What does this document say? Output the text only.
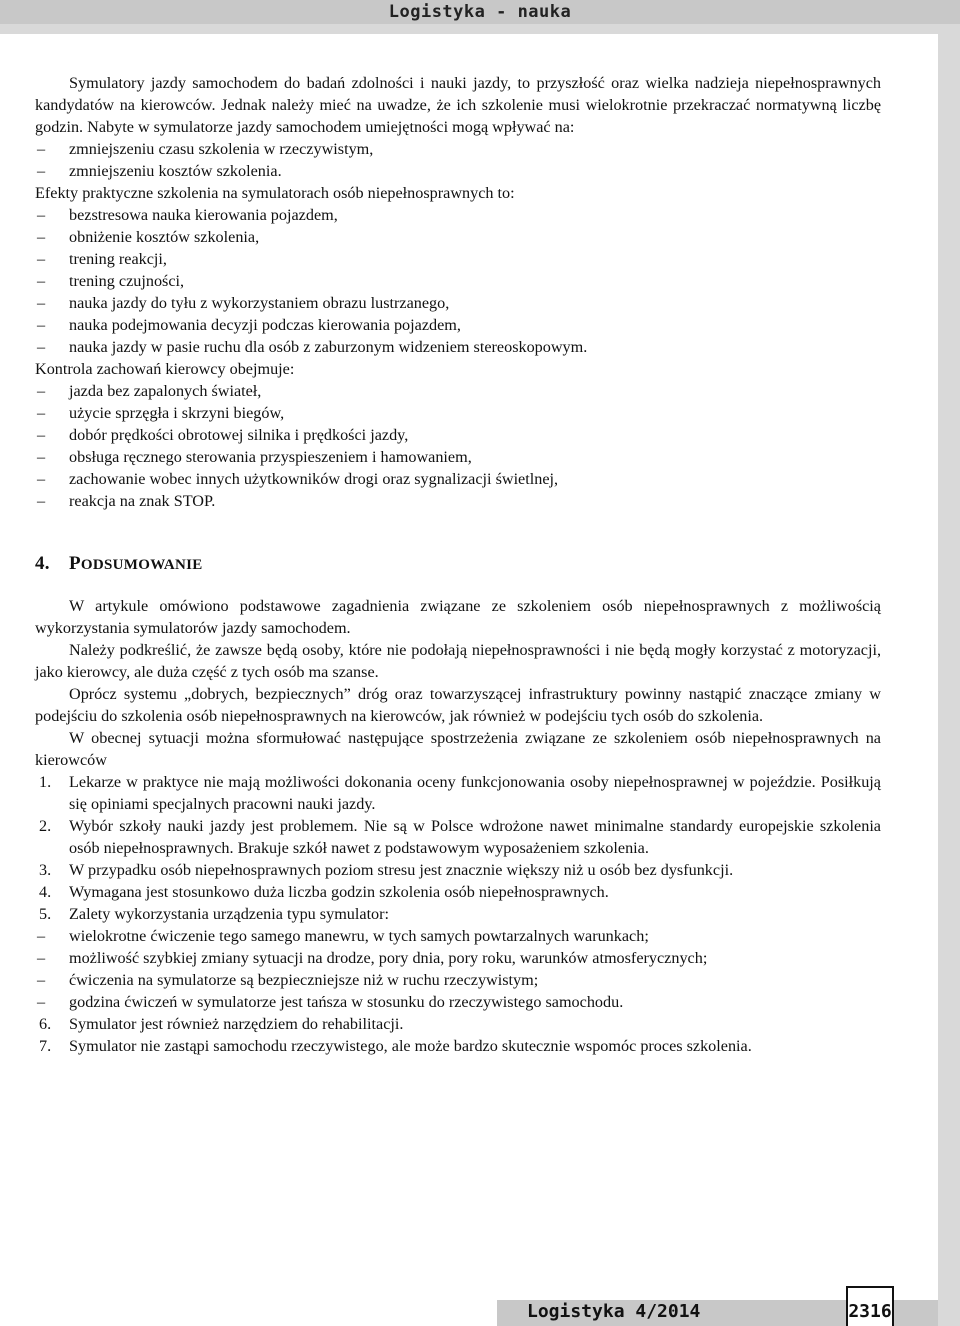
Logistyka - nauka

Symulatory jazdy samochodem do badań zdolności i nauki jazdy, to przyszłość oraz wielka nadzieja niepełnosprawnych kandydatów na kierowców. Jednak należy mieć na uwadze, że ich szkolenie musi wielokrotnie przekraczać normatywną liczbę godzin. Nabyte w symulatorze jazdy samochodem umiejętności mogą wpływać na:

–	zmniejszeniu czasu szkolenia w rzeczywistym,
–	zmniejszeniu kosztów szkolenia.

Efekty praktyczne szkolenia na symulatorach osób niepełnosprawnych to:

–	bezstresowa nauka kierowania pojazdem,
–	obniżenie kosztów szkolenia,
–	trening reakcji,
–	trening czujności,
–	nauka jazdy do tyłu z wykorzystaniem obrazu lustrzanego,
–	nauka podejmowania decyzji podczas kierowania pojazdem,
–	nauka jazdy w pasie ruchu dla osób z zaburzonym widzeniem stereoskopowym.

Kontrola zachowań kierowcy obejmuje:

–	jazda bez zapalonych świateł,
–	użycie sprzęgła i skrzyni biegów,
–	dobór prędkości obrotowej silnika i prędkości jazdy,
–	obsługa ręcznego sterowania przyspieszeniem i hamowaniem,
–	zachowanie wobec innych użytkowników drogi oraz sygnalizacji świetlnej,
–	reakcja na znak STOP.
4. PODSUMOWANIE

W artykule omówiono podstawowe zagadnienia związane ze szkoleniem osób niepełnosprawnych z możliwością wykorzystania symulatorów jazdy samochodem.

Należy podkreślić, że zawsze będą osoby, które nie podołają niepełnosprawności i nie będą mogły korzystać z motoryzacji, jako kierowcy, ale duża część z tych osób ma szanse.

Oprócz systemu „dobrych, bezpiecznych” dróg oraz towarzyszącej infrastruktury powinny nastąpić znaczące zmiany w podejściu do szkolenia osób niepełnosprawnych na kierowców, jak również w podejściu tych osób do szkolenia.

W obecnej sytuacji można sformułować następujące spostrzeżenia związane ze szkoleniem osób niepełnosprawnych na kierowców

1. Lekarze w praktyce nie mają możliwości dokonania oceny funkcjonowania osoby niepełnosprawnej w pojeździe. Posiłkują się opiniami specjalnych pracowni nauki jazdy.
2. Wybór szkoły nauki jazdy jest problemem. Nie są w Polsce wdrożone nawet minimalne standardy europejskie szkolenia osób niepełnosprawnych. Brakuje szkół nawet z podstawowym wyposażeniem szkolenia.
3. W przypadku osób niepełnosprawnych poziom stresu jest znacznie większy niż u osób bez dysfunkcji.
4. Wymagana jest stosunkowo duża liczba godzin szkolenia osób niepełnosprawnych.
5. Zalety wykorzystania urządzenia typu symulator:
–	wielokrotne ćwiczenie tego samego manewru, w tych samych powtarzalnych warunkach;
–	możliwość szybkiej zmiany sytuacji na drodze, pory dnia, pory roku, warunków atmosferycznych;
–	ćwiczenia na symulatorze są bezpieczniejsze niż w ruchu rzeczywistym;
–	godzina ćwiczeń w symulatorze jest tańsza w stosunku do rzeczywistego samochodu.
6. Symulator jest również narzędziem do rehabilitacji.
7. Symulator nie zastąpi samochodu rzeczywistego, ale może bardzo skutecznie wspomóc proces szkolenia.
Logistyka 4/2014	2316
